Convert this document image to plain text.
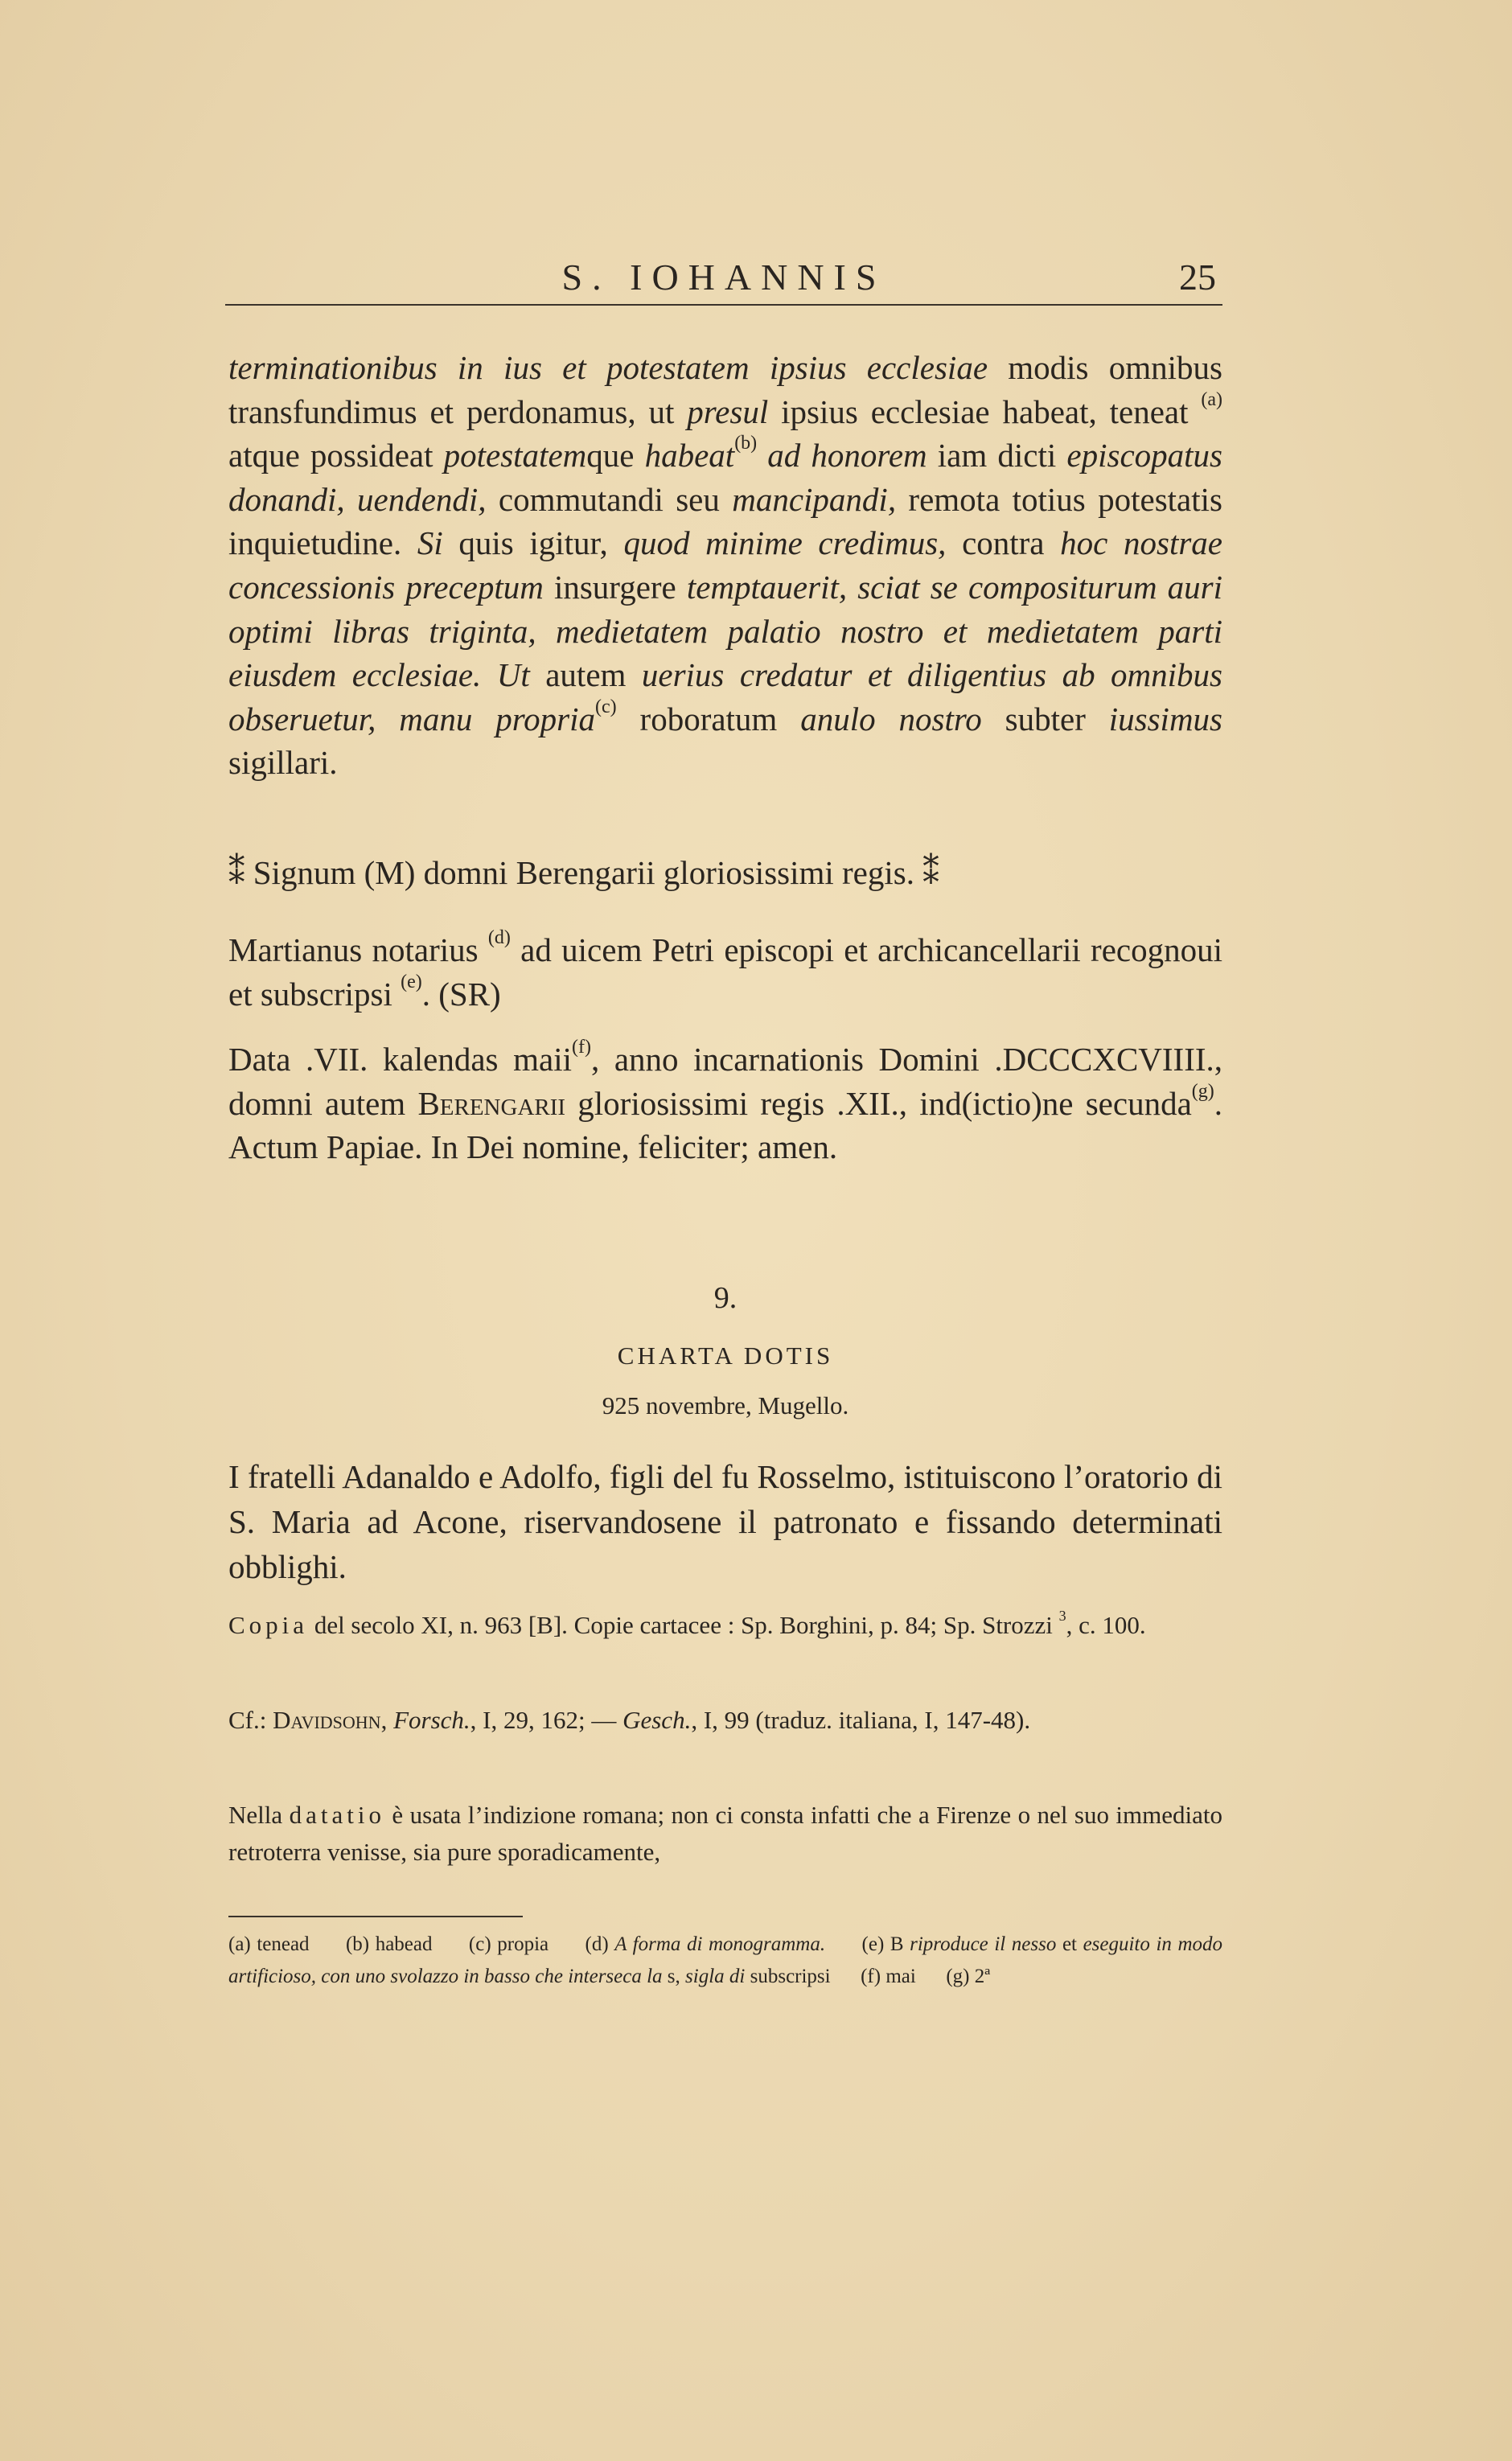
S. IOHANNIS	25

terminationibus in ius et potestatem ipsius ecclesiae modis omnibus transfundimus et perdonamus, ut presul ipsius ecclesiae habeat, teneat $^{(a)}$ atque possideat potestatemque habeat$^{(b)}$ ad honorem iam dicti episcopatus donandi, uendendi, commutandi seu mancipandi, remota totius potestatis inquietudine. Si quis igitur, quod minime credimus, contra hoc nostrae concessionis preceptum insurgere temptauerit, sciat se compositurum auri optimi libras triginta, medietatem palatio nostro et medietatem parti eiusdem ecclesiae. Ut autem uerius credatur et diligentius ab omnibus obseruetur, manu propria$^{(c)}$ roboratum anulo nostro subter iussimus sigillari.

⁑ Signum (M) domni Berengarii gloriosissimi regis. ⁑

Martianus notarius $^{(d)}$ ad uicem Petri episcopi et archicancellarii recognoui et subscripsi $^{(e)}$. (SR)

Data .VII. kalendas maii$^{(f)}$, anno incarnationis Domini .DCCCXCVIIII., domni autem Berengarii gloriosissimi regis .XII., ind(ictio)ne secunda$^{(g)}$. Actum Papiae. In Dei nomine, feliciter; amen.

9.

CHARTA DOTIS

925 novembre, Mugello.

I fratelli Adanaldo e Adolfo, figli del fu Rosselmo, istituiscono l’oratorio di S. Maria ad Acone, riservandosene il patronato e fissando determinati obblighi.

Copia del secolo XI, n. 963 [B]. Copie cartacee : Sp. Borghini, p. 84; Sp. Strozzi $^3$, c. 100.

Cf.: Davidsohn, Forsch., I, 29, 162; — Gesch., I, 99 (traduz. italiana, I, 147-48).

Nella datatio è usata l’indizione romana; non ci consta infatti che a Firenze o nel suo immediato retroterra venisse, sia pure sporadicamente,

(a) tenead (b) habead (c) propia (d) A forma di monogramma. (e) B riproduce il nesso et eseguito in modo artificioso, con uno svolazzo in basso che interseca la s, sigla di subscripsi (f) mai (g) 2ª
